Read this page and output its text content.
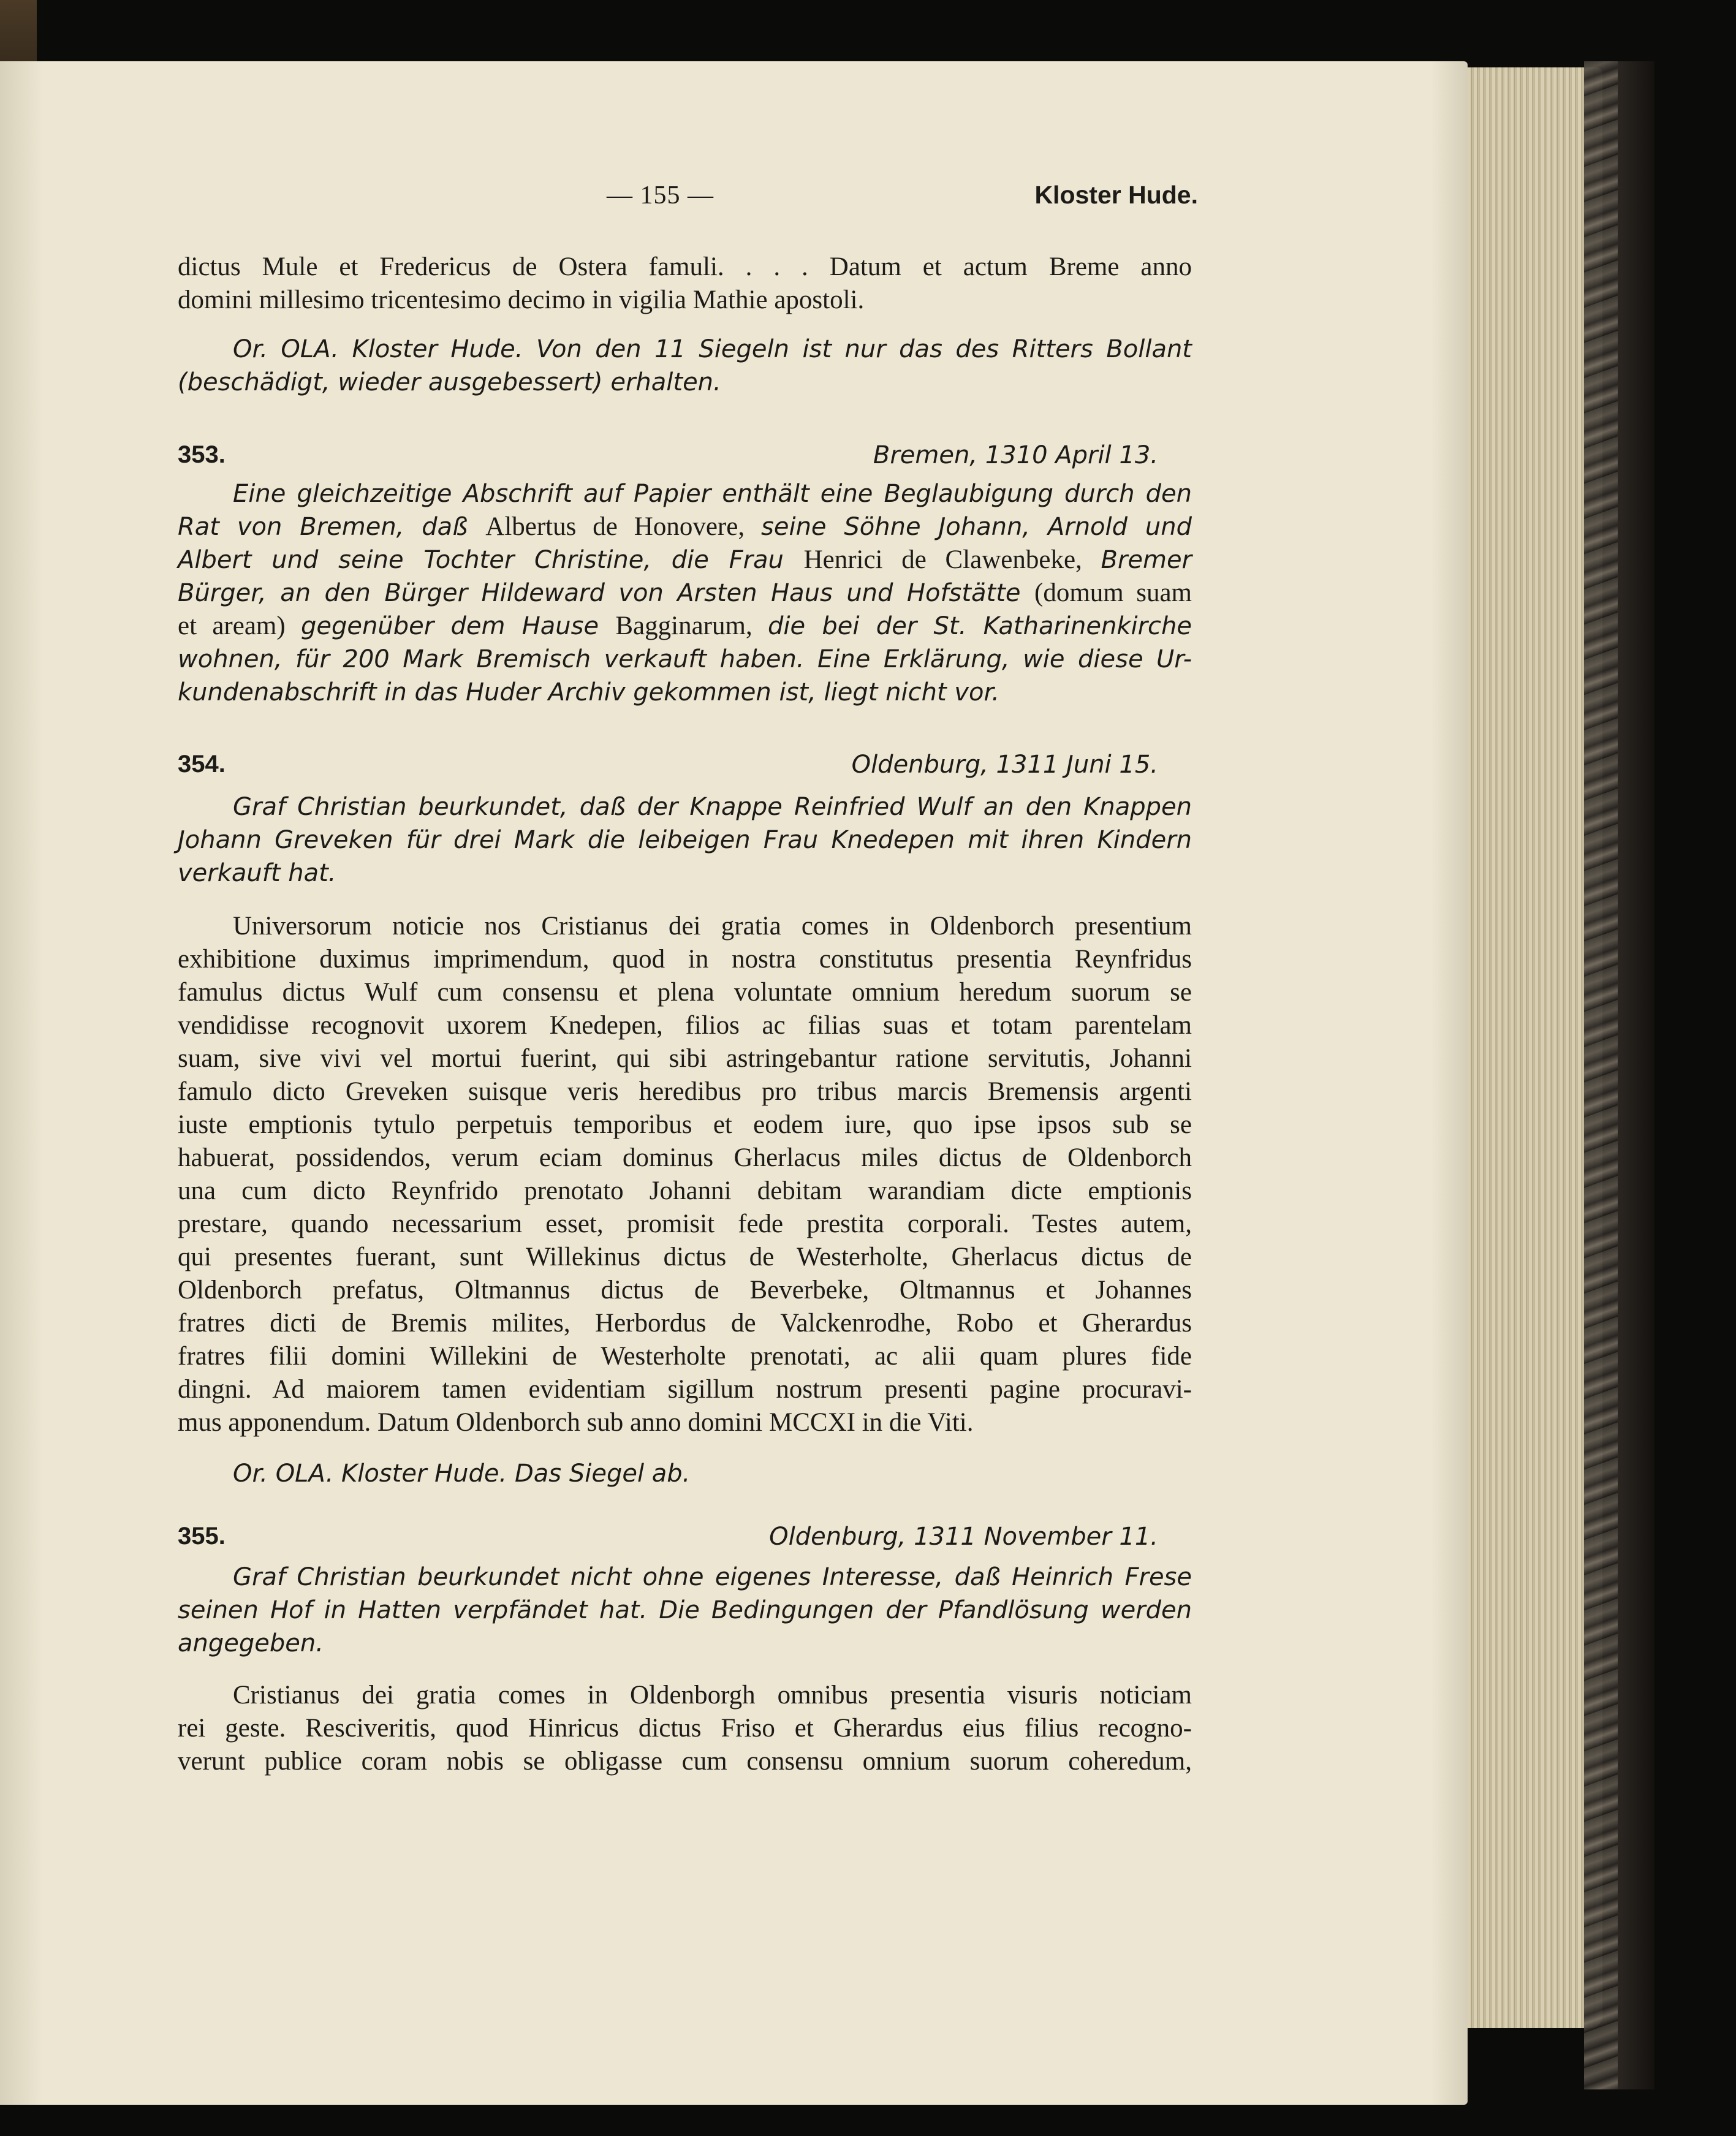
— 155 —	Kloster Hude.
dictus Mule et Fredericus de Ostera famuli. . . . Datum et actum Breme anno
domini millesimo tricentesimo decimo in vigilia Mathie apostoli.
Or. OLA. Kloster Hude. Von den 11 Siegeln ist nur das des Ritters Bollant
(beschädigt, wieder ausgebessert) erhalten.
353.	Bremen, 1310 April 13.
Eine gleichzeitige Abschrift auf Papier enthält eine Beglaubigung durch den
Rat von Bremen, daß Albertus de Honovere, seine Söhne Johann, Arnold und
Albert und seine Tochter Christine, die Frau Henrici de Clawenbeke, Bremer
Bürger, an den Bürger Hildeward von Arsten Haus und Hofstätte (domum suam
et aream) gegenüber dem Hause Bagginarum, die bei der St. Katharinenkirche
wohnen, für 200 Mark Bremisch verkauft haben. Eine Erklärung, wie diese Ur-
kundenabschrift in das Huder Archiv gekommen ist, liegt nicht vor.
354.	Oldenburg, 1311 Juni 15.
Graf Christian beurkundet, daß der Knappe Reinfried Wulf an den Knappen
Johann Greveken für drei Mark die leibeigen Frau Knedepen mit ihren Kindern
verkauft hat.
Universorum noticie nos Cristianus dei gratia comes in Oldenborch presentium
exhibitione duximus imprimendum, quod in nostra constitutus presentia Reynfridus
famulus dictus Wulf cum consensu et plena voluntate omnium heredum suorum se
vendidisse recognovit uxorem Knedepen, filios ac filias suas et totam parentelam
suam, sive vivi vel mortui fuerint, qui sibi astringebantur ratione servitutis, Johanni
famulo dicto Greveken suisque veris heredibus pro tribus marcis Bremensis argenti
iuste emptionis tytulo perpetuis temporibus et eodem iure, quo ipse ipsos sub se
habuerat, possidendos, verum eciam dominus Gherlacus miles dictus de Oldenborch
una cum dicto Reynfrido prenotato Johanni debitam warandiam dicte emptionis
prestare, quando necessarium esset, promisit fede prestita corporali. Testes autem,
qui presentes fuerant, sunt Willekinus dictus de Westerholte, Gherlacus dictus de
Oldenborch prefatus, Oltmannus dictus de Beverbeke, Oltmannus et Johannes
fratres dicti de Bremis milites, Herbordus de Valckenrodhe, Robo et Gherardus
fratres filii domini Willekini de Westerholte prenotati, ac alii quam plures fide
dingni. Ad maiorem tamen evidentiam sigillum nostrum presenti pagine procuravi-
mus apponendum. Datum Oldenborch sub anno domini MCCXI in die Viti.
Or. OLA. Kloster Hude. Das Siegel ab.
355.	Oldenburg, 1311 November 11.
Graf Christian beurkundet nicht ohne eigenes Interesse, daß Heinrich Frese
seinen Hof in Hatten verpfändet hat. Die Bedingungen der Pfandlösung werden
angegeben.
Cristianus dei gratia comes in Oldenborgh omnibus presentia visuris noticiam
rei geste. Resciveritis, quod Hinricus dictus Friso et Gherardus eius filius recogno-
verunt publice coram nobis se obligasse cum consensu omnium suorum coheredum,
